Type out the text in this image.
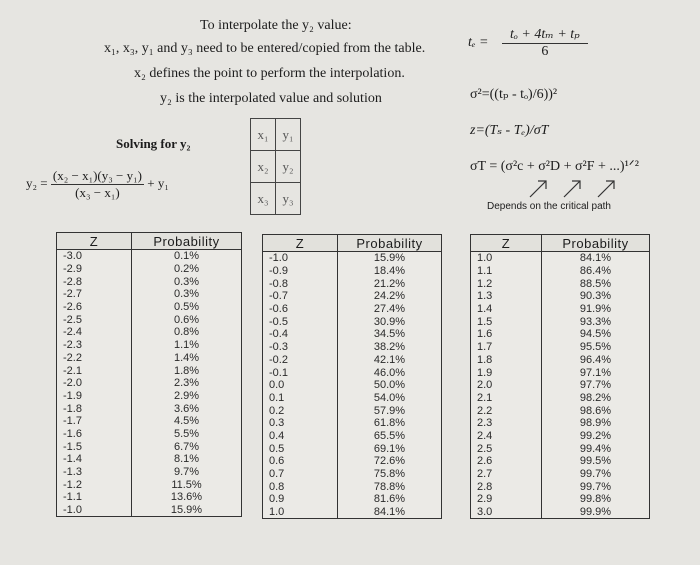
To interpolate the y₂ value:
x₁, x₃, y₁ and y₃ need to be entered/copied from the table.
x₂ defines the point to perform the interpolation.
y₂ is the interpolated value and solution
Solving for y₂
$y_2 = \frac{\text{(x₂ − x₁)(y₃ − y₁)}}{\text{(x₃ − x₁)}} + y_1$
x₁	y₁
x₂	y₂
x₃	y₃
$t_e = \frac{\text{tₒ + 4tₘ + tₚ}}{6}$
σ²=((tₚ - tₒ)/6))²
z=(Tₛ - Tₑ)/σT
σT = (σ²c + σ²D + σ²F + ...)¹ᐟ²
Depends on the critical path
Z	Probability
-3.0	0.1%
-2.9	0.2%
-2.8	0.3%
-2.7	0.3%
-2.6	0.5%
-2.5	0.6%
-2.4	0.8%
-2.3	1.1%
-2.2	1.4%
-2.1	1.8%
-2.0	2.3%
-1.9	2.9%
-1.8	3.6%
-1.7	4.5%
-1.6	5.5%
-1.5	6.7%
-1.4	8.1%
-1.3	9.7%
-1.2	11.5%
-1.1	13.6%
-1.0	15.9%
Z	Probability
-1.0	15.9%
-0.9	18.4%
-0.8	21.2%
-0.7	24.2%
-0.6	27.4%
-0.5	30.9%
-0.4	34.5%
-0.3	38.2%
-0.2	42.1%
-0.1	46.0%
0.0	50.0%
0.1	54.0%
0.2	57.9%
0.3	61.8%
0.4	65.5%
0.5	69.1%
0.6	72.6%
0.7	75.8%
0.8	78.8%
0.9	81.6%
1.0	84.1%
Z	Probability
1.0	84.1%
1.1	86.4%
1.2	88.5%
1.3	90.3%
1.4	91.9%
1.5	93.3%
1.6	94.5%
1.7	95.5%
1.8	96.4%
1.9	97.1%
2.0	97.7%
2.1	98.2%
2.2	98.6%
2.3	98.9%
2.4	99.2%
2.5	99.4%
2.6	99.5%
2.7	99.7%
2.8	99.7%
2.9	99.8%
3.0	99.9%
